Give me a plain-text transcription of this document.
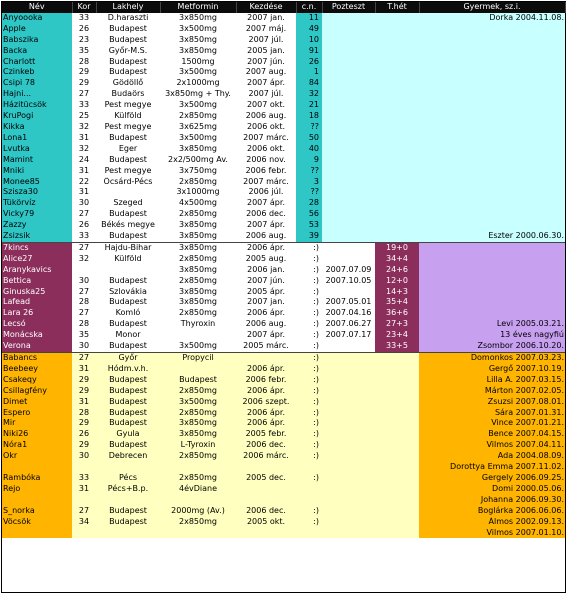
Név	Kor	Lakhely	Metformin	Kezdése	c.n.	Pozteszt	T.hét	Gyermek, sz.i.
Anyoooka	33	D.haraszti	3x850mg	2007 jan.	11			Dorka 2004.11.08.
Apple	26	Budapest	3x500mg	2007 máj.	49			
Babszika	23	Budapest	3x850mg	2007 júl.	10			
Backa	35	Győr-M.S.	3x850mg	2005 jan.	91			
Charlott	28	Budapest	1500mg	2007 jún.	26			
Czinkeb	29	Budapest	3x500mg	2007 aug.	1			
Csipi 78	29	Gödöllő	2x1000mg	2007 ápr.	84			
Hajni...	27	Budaörs	3x850mg + Thy.	2007 júl.	32			
Házitücsök	33	Pest megye	3x500mg	2007 okt.	21			
KruPogi	25	Külföld	2x850mg	2006 aug.	18			
Kikka	32	Pest megye	3x625mg	2006 okt.	??			
Lona1	31	Budapest	3x500mg	2007 márc.	50			
Lvutka	32	Eger	3x850mg	2006 okt.	40			
Mamint	24	Budapest	2x2/500mg Av.	2006 nov.	9			
Mniki	31	Pest megye	3x750mg	2006 febr.	??			
Monee85	22	Öcsárd-Pécs	2x850mg	2007 márc.	3			
Szisza30	31		3x1000mg	2006 júl.	??			
Tükörvíz	30	Szeged	4x500mg	2007 ápr.	28			
Vicky79	27	Budapest	2x850mg	2006 dec.	56			
Zazzy	26	Békés megye	3x850mg	2007 ápr.	53			
Zsizsik	33	Budapest	3x850mg	2006 aug.	39			Eszter 2000.06.30.
7kincs	27	Hajdu-Bihar	3x850mg	2006 ápr.	:)		19+0	
Alice27	32	Külföld	2x850mg	2005 aug.	:)		34+4	
Aranykavics			3x850mg	2006 jan.	:)	2007.07.09	24+6	
Bettica	30	Budapest	2x850mg	2007 jún.	:)	2007.10.05	12+0	
Ginuska25	27	Szlovákia	3x850mg	2005 ápr.	:)		14+3	
Lafead	28	Budapest	3x850mg	2007 jan.	:)	2007.05.01	35+4	
Lara 26	27	Komló	2x850mg	2006 ápr.	:)	2007.04.16	36+6	
Lecsó	28	Budapest	Thyroxin	2006 aug.	:)	2007.06.27	27+3	Levi 2005.03.21.
Monácska	35	Monor		2007 ápr.	:)	2007.07.17	23+4	13 éves nagyfiú
Verona	30	Budapest	3x500mg	2005 márc.	:)		33+5	Zsombor 2006.10.20.
Babancs	27	Győr	Propycil		:)			Domonkos 2007.03.23.
Beebeey	31	Hódm.v.h.		2006 ápr.	:)			Gergő 2007.10.19.
Csakeqy	29	Budapest	Budapest	2006 febr.	:)			Lilla A. 2007.03.15.
Csillagfény	29	Budapest	2x850mg	2006 ápr.	:)			Márton 2007.02.05.
Dimet	31	Budapest	3x500mg	2006 szept.	:)			Zsuzsi 2007.08.01.
Espero	28	Budapest	2x850mg	2006 ápr.	:)			Sára 2007.01.31.
Mir	29	Budapest	3x850mg	2006 ápr.	:)			Vince 2007.01.21.
Niki26	26	Gyula	3x850mg	2005 febr.	:)			Bence 2007.04.15.
Nóra1	29	Budapest	L-Tyroxin	2006 dec.	:)			Vilmos 2007.04.11.
Okr	30	Debrecen	2x850mg	2006 márc.	:)			Ada 2004.08.09.
								Dorottya Emma 2007.11.02.
Rambóka	33	Pécs	2x850mg	2005 dec.	:)			Gergely 2006.09.25.
Rejo	31	Pécs+B.p.	4évDiane					Domi 2000.05.06.
								Johanna 2006.09.30.
S_norka	27	Budapest	2000mg (Av.)	2006 dec.	:)			Boglárka 2006.06.06.
Vöcsök	34	Budapest	2x850mg	2005 okt.	:)			Álmos 2002.09.13.
								Vilmos 2007.01.10.
